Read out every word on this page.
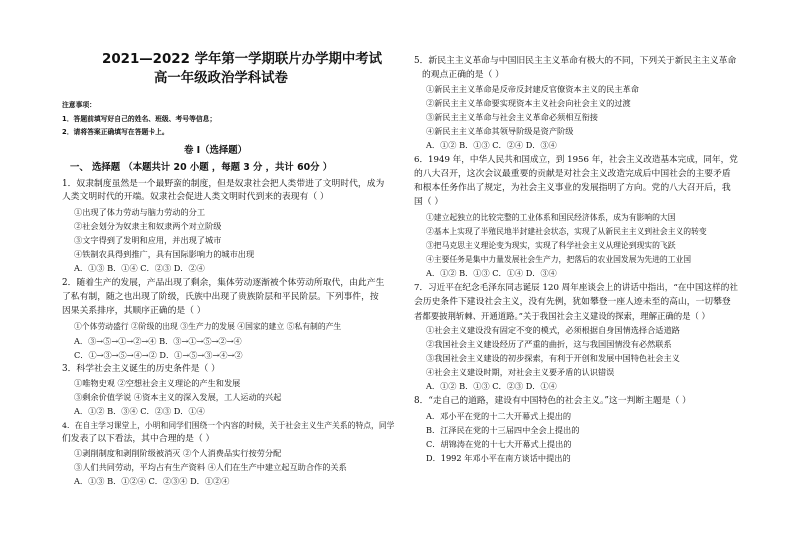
2021—2022 学年第一学期联片办学期中考试
高一年级政治学科试卷
注意事项：
1．答题前填写好自己的姓名、班级、考号等信息；
2．请将答案正确填写在答题卡上。
卷 I（选择题）
一、 选择题 （本题共计 20 小题 ，每题 3 分 ，共计 60分 ）
1．奴隶制度虽然是一个最野蛮的制度，但是奴隶社会把人类带进了文明时代，成为
人类文明时代的开端。奴隶社会促进人类文明时代到来的表现有（ ）
①出现了体力劳动与脑力劳动的分工
②社会划分为奴隶主和奴隶两个对立阶级
③文字得到了发明和应用，并出现了城市
④铁制农具得到推广，具有国际影响力的城市出现
A．①③ B．①④ C．②③ D．②④
2．随着生产的发展，产品出现了剩余，集体劳动逐渐被个体劳动所取代，由此产生
了私有制，随之也出现了阶级，氏族中出现了贵族阶层和平民阶层。下列事件，按
因果关系排序，其顺序正确的是（ ）
①个体劳动盛行 ②阶级的出现 ③生产力的发展 ④国家的建立 ⑤私有制的产生
A．③→⑤→①→②→④ B．③→①→⑤→②→④
C．①→③→⑤→④→② D．①→⑤→③→④→②
3．科学社会主义诞生的历史条件是（ ）
①唯物史观 ②空想社会主义理论的产生和发展
③剩余价值学说 ④资本主义的深入发展，工人运动的兴起
A．①② B．③④ C．②③ D．①④
4．在自主学习课堂上，小明和同学们围绕一个内容的时候，关于社会主义生产关系的特点，同学
们发表了以下看法，其中合理的是（ ）
①剥削制度和剥削阶级被消灭 ②个人消费品实行按劳分配
③人们共同劳动，平均占有生产资料 ④人们在生产中建立起互助合作的关系
A．①③ B．①②④ C．②③④ D．①②④
5．新民主主义革命与中国旧民主主义革命有极大的不同，下列关于新民主主义革命
的观点正确的是（ ）
①新民主主义革命是反帝反封建反官僚资本主义的民主革命
②新民主主义革命要实现资本主义社会向社会主义的过渡
③新民主主义革命与社会主义革命必须相互衔接
④新民主主义革命其领导阶级是资产阶级
A．①② B．①③ C．②④ D．③④
6．1949 年，中华人民共和国成立，到 1956 年，社会主义改造基本完成，同年，党
的八大召开，这次会议最重要的贡献是对社会主义改造完成后中国社会的主要矛盾
和根本任务作出了规定，为社会主义事业的发展指明了方向。党的八大召开后，我
国（ ）
①建立起独立的比较完整的工业体系和国民经济体系，成为有影响的大国
②基本上实现了半殖民地半封建社会状态，实现了从新民主主义到社会主义的转变
③把马克思主义理论变为现实，实现了科学社会主义从理论到现实的飞跃
④主要任务是集中力量发展社会生产力，把落后的农业国发展为先进的工业国
A．①② B．①③ C．①④ D．③④
7．习近平在纪念毛泽东同志诞辰 120 周年座谈会上的讲话中指出，“在中国这样的社
会历史条件下建设社会主义，没有先例，犹如攀登一座人迹未至的高山，一切攀登
者都要披荆斩棘、开通道路。”关于我国社会主义建设的探索，理解正确的是（ ）
①社会主义建设没有固定不变的模式，必须根据自身国情选择合适道路
②我国社会主义建设经历了严重的曲折，这与我国国情没有必然联系
③我国社会主义建设的初步探索，有利于开创和发展中国特色社会主义
④社会主义建设时期，对社会主义要矛盾的认识错误
A．①② B．①③ C．②③ D．①④
8．“走自己的道路，建设有中国特色的社会主义。”这一判断主题是（ ）
A．邓小平在党的十二大开幕式上提出的
B．江泽民在党的十三届四中全会上提出的
C．胡锦涛在党的十七大开幕式上提出的
D．1992 年邓小平在南方谈话中提出的
